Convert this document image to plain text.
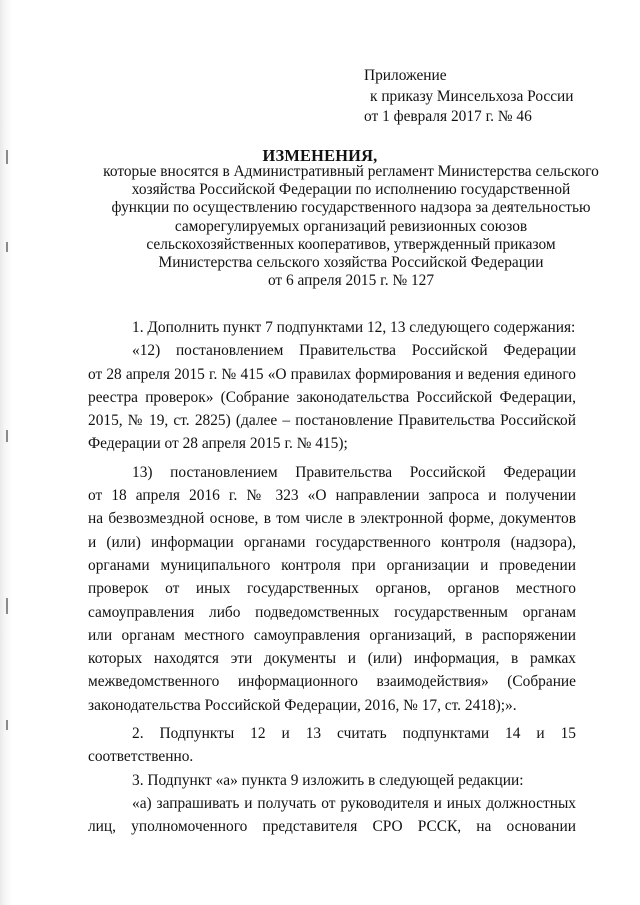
Приложение
к приказу Минсельхоза России
от 1 февраля 2017 г. № 46
ИЗМЕНЕНИЯ,
которые вносятся в Административный регламент Министерства сельского
хозяйства Российской Федерации по исполнению государственной
функции по осуществлению государственного надзора за деятельностью
саморегулируемых организаций ревизионных союзов
сельскохозяйственных кооперативов, утвержденный приказом
Министерства сельского хозяйства Российской Федерации
от 6 апреля 2015 г. № 127

1. Дополнить пункт 7 подпунктами 12, 13 следующего содержания:

«12) постановлением Правительства Российской Федерации
от 28 апреля 2015 г. № 415 «О правилах формирования и ведения единого
реестра проверок» (Собрание законодательства Российской Федерации,
2015, № 19, ст. 2825) (далее – постановление Правительства Российской
Федерации от 28 апреля 2015 г. № 415);
13) постановлением Правительства Российской Федерации
от 18 апреля 2016 г. № 323 «О направлении запроса и получении
на безвозмездной основе, в том числе в электронной форме, документов
и (или) информации органами государственного контроля (надзора),
органами муниципального контроля при организации и проведении
проверок от иных государственных органов, органов местного
самоуправления либо подведомственных государственным органам
или органам местного самоуправления организаций, в распоряжении
которых находятся эти документы и (или) информация, в рамках
межведомственного информационного взаимодействия» (Собрание
законодательства Российской Федерации, 2016, № 17, ст. 2418);».

2. Подпункты 12 и 13 считать подпунктами 14 и 15 соответственно.

3. Подпункт «а» пункта 9 изложить в следующей редакции:

«а) запрашивать и получать от руководителя и иных должностных
лиц, уполномоченного представителя СРО РССК, на основании
